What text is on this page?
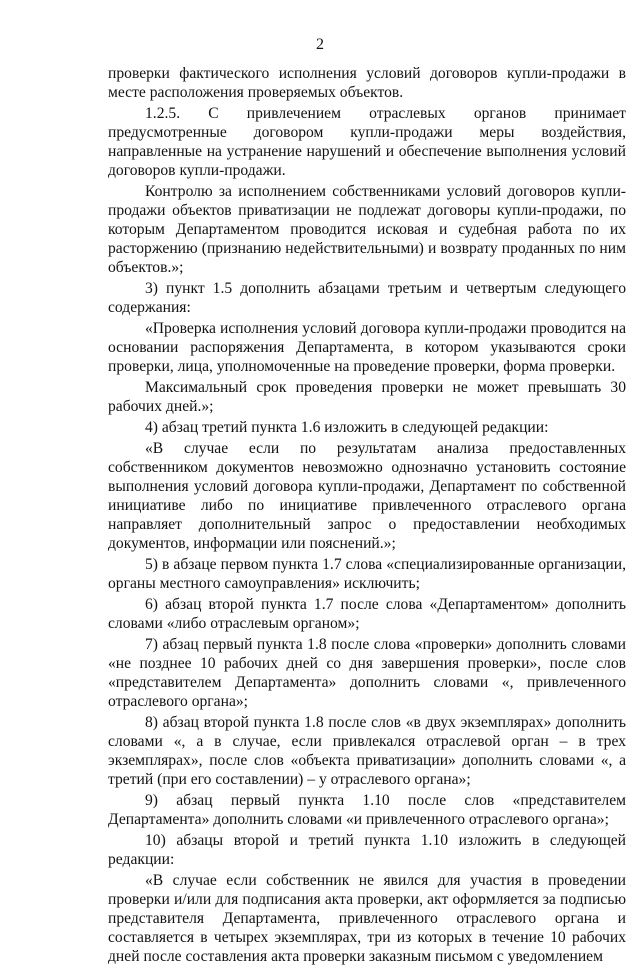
2

проверки фактического исполнения условий договоров купли-продажи в месте расположения проверяемых объектов.

1.2.5. С привлечением отраслевых органов принимает предусмотренные договором купли-продажи меры воздействия, направленные на устранение нарушений и обеспечение выполнения условий договоров купли-продажи.

Контролю за исполнением собственниками условий договоров купли-продажи объектов приватизации не подлежат договоры купли-продажи, по которым Департаментом проводится исковая и судебная работа по их расторжению (признанию недействительными) и возврату проданных по ним объектов.»;

3) пункт 1.5 дополнить абзацами третьим и четвертым следующего содержания:

«Проверка исполнения условий договора купли-продажи проводится на основании распоряжения Департамента, в котором указываются сроки проверки, лица, уполномоченные на проведение проверки, форма проверки.

Максимальный срок проведения проверки не может превышать 30 рабочих дней.»;

4) абзац третий пункта 1.6 изложить в следующей редакции:

«В случае если по результатам анализа предоставленных собственником документов невозможно однозначно установить состояние выполнения условий договора купли-продажи, Департамент по собственной инициативе либо по инициативе привлеченного отраслевого органа направляет дополнительный запрос о предоставлении необходимых документов, информации или пояснений.»;

5) в абзаце первом пункта 1.7 слова «специализированные организации, органы местного самоуправления» исключить;

6) абзац второй пункта 1.7 после слова «Департаментом» дополнить словами «либо отраслевым органом»;

7) абзац первый пункта 1.8 после слова «проверки» дополнить словами «не позднее 10 рабочих дней со дня завершения проверки», после слов «представителем Департамента» дополнить словами «, привлеченного отраслевого органа»;

8) абзац второй пункта 1.8 после слов «в двух экземплярах» дополнить словами «, а в случае, если привлекался отраслевой орган – в трех экземплярах», после слов «объекта приватизации» дополнить словами «, а третий (при его составлении) – у отраслевого органа»;

9) абзац первый пункта 1.10 после слов «представителем Департамента» дополнить словами «и привлеченного отраслевого органа»;

10) абзацы второй и третий пункта 1.10 изложить в следующей редакции:

«В случае если собственник не явился для участия в проведении проверки и/или для подписания акта проверки, акт оформляется за подписью представителя Департамента, привлеченного отраслевого органа и составляется в четырех экземплярах, три из которых в течение 10 рабочих дней после составления акта проверки заказным письмом с уведомлением
